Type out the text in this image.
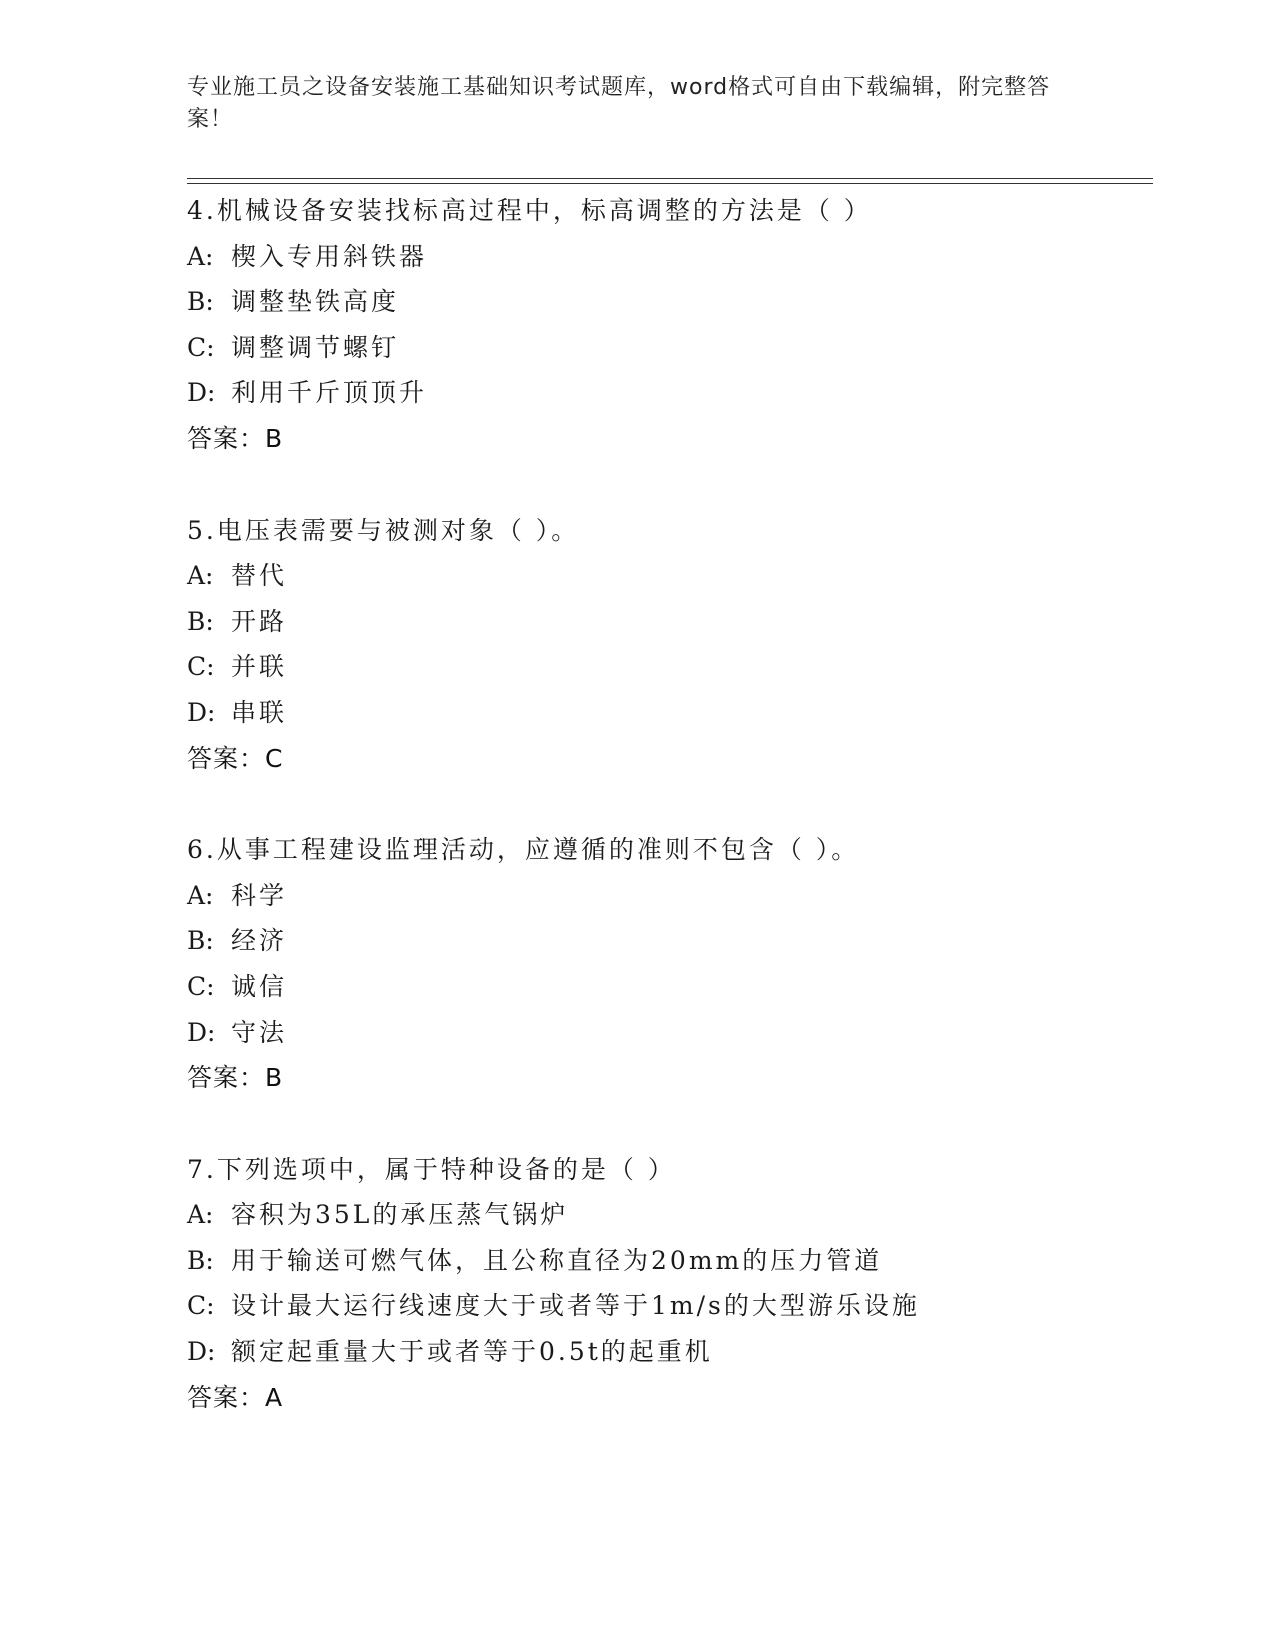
专业施工员之设备安装施工基础知识考试题库，word格式可自由下载编辑，附完整答案！
4.机械设备安装找标高过程中，标高调整的方法是（ ）
A: 楔入专用斜铁器
B: 调整垫铁高度
C: 调整调节螺钉
D: 利用千斤顶顶升
答案：B
5.电压表需要与被测对象（ ）。
A: 替代
B: 开路
C: 并联
D: 串联
答案：C
6.从事工程建设监理活动，应遵循的准则不包含（ ）。
A: 科学
B: 经济
C: 诚信
D: 守法
答案：B
7.下列选项中，属于特种设备的是（ ）
A: 容积为35L的承压蒸气锅炉
B: 用于输送可燃气体，且公称直径为20mm的压力管道
C: 设计最大运行线速度大于或者等于1m/s的大型游乐设施
D: 额定起重量大于或者等于0.5t的起重机
答案：A
